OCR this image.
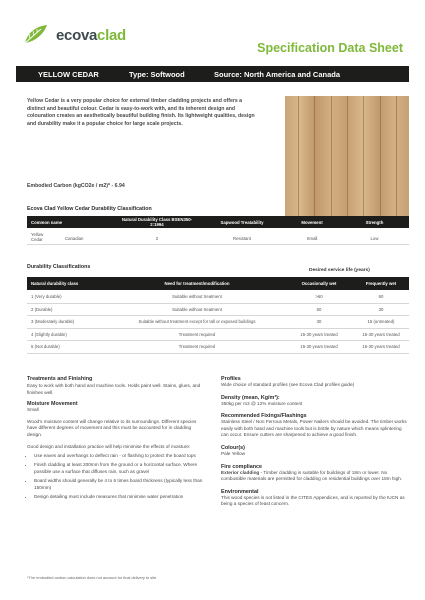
ecovaclad
Specification Data Sheet
YELLOW CEDAR	Type: Softwood	Source: North America and Canada
Yellow Cedar is a very popular choice for external timber cladding projects and offers a distinct and beautiful colour. Cedar is easy-to-work with, and its inherent design and colouration creates an aesthetically beautiful building finish. Its lightweight qualities, design and durability make it a popular choice for large scale projects.
Embodied Carbon (kgCO2e / m2)* - 6.94
Ecova Clad Yellow Cedar Durability Classification
Common name
Natural Durability Class BSEN350-2:1994	Sapwood Treatability	Movement	Strength
Yellow Cedar	Canadian	2	Resistant	Small	Low
Durability Classifications
Desired service life (years)
Natural durability class	Need for treatment/modification	Occasionally wet	Frequently wet
1 (Very durable)	Suitable without treatment	>60	60
2 (Durable)	Suitable without treatment	60	30
3 (Moderately durable)	Suitable without treatment except for tall or exposed buildings	30	15 (untreated)
4 (Slightly durable)	Treatment required	15-30 years treated	15-30 years treated
5 (Not durable)	Treatment required	15-30 years treated	15-30 years treated
Treatments and Finishing
Easy to work with both hand and machine tools. Holds paint well. Stains, glues, and finishes well.
Moisture Movement
Small
Wood's moisture content will change relative to its surroundings. Different species have different degrees of movement and this must be accounted for in cladding design.
Good design and installation practice will help minimise the effects of moisture:
• Use eaves and overhangs to deflect rain - or flashing to protect the board tops
• Finish cladding at least 200mm from the ground or a horizontal surface. Where possible use a surface that diffuses rain, such as gravel
• Board widths should generally be 4 to 6 times board thickness (typically less than 150mm)
• Design detailing must include measures that minimise water penetration
Profiles
Wide choice of standard profiles (see Ecova Clad profiles guide)
Density (mean, Kg/m³):
350kg per m3 @ 12% moisture content
Recommended Fixings/Flashings
Stainless Steel / Non Ferrous Metals, Power Nailers should be avoided. The timber works easily with both hand and machine tools but is brittle by nature which means splintering can occur. Ensure cutters are sharpened to achieve a good finish.
Colour(s)
Pale Yellow
Fire compliance
Exterior cladding - Timber cladding is suitable for buildings of 18m or lower. No combustible materials are permitted for cladding on residential buildings over 18m high.
Environmental
This wood species is not listed in the CITES Appendices, and is reported by the IUCN as being a species of least concern.
*The embodied carbon calculation does not account for final delivery to site
